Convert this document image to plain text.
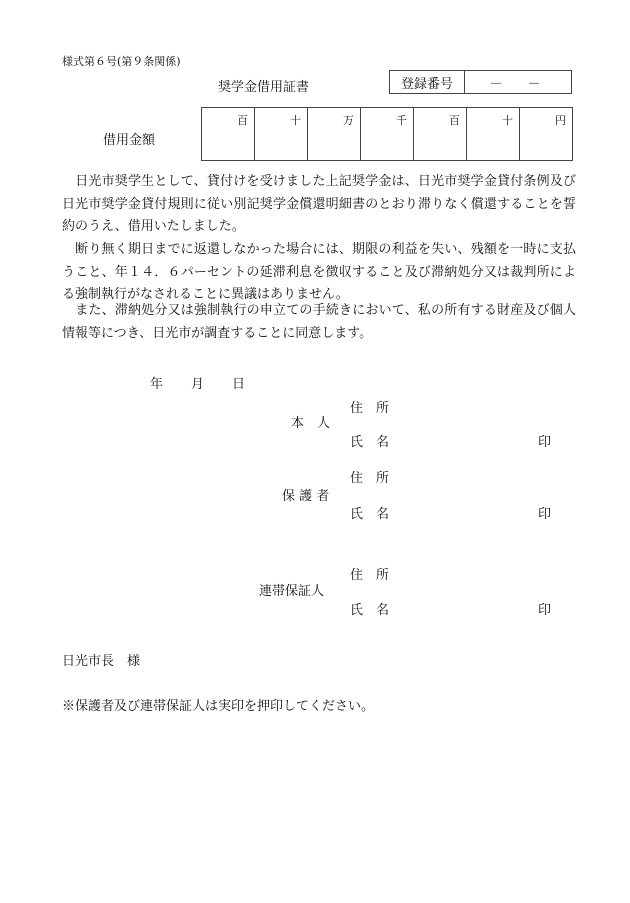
様式第６号(第９条関係)
奨学金借用証書	登録番号	－　－
借用金額
百	十	万	千	百	十	円
日光市奨学生として、貸付けを受けました上記奨学金は、日光市奨学金貸付条例及び日光市奨学金貸付規則に従い別記奨学金償還明細書のとおり滞りなく償還することを誓約のうえ、借用いたしました。
断り無く期日までに返還しなかった場合には、期限の利益を失い、残額を一時に支払うこと、年１４．６パーセントの延滞利息を徴収すること及び滞納処分又は裁判所による強制執行がなされることに異議はありません。
また、滞納処分又は強制執行の申立ての手続きにおいて、私の所有する財産及び個人情報等につき、日光市が調査することに同意します。
年 月 日
住　所
本　人
氏　名	印
住　所
保 護 者
氏　名	印
住　所
連帯保証人
氏　名	印
日光市長　様
※保護者及び連帯保証人は実印を押印してください。
